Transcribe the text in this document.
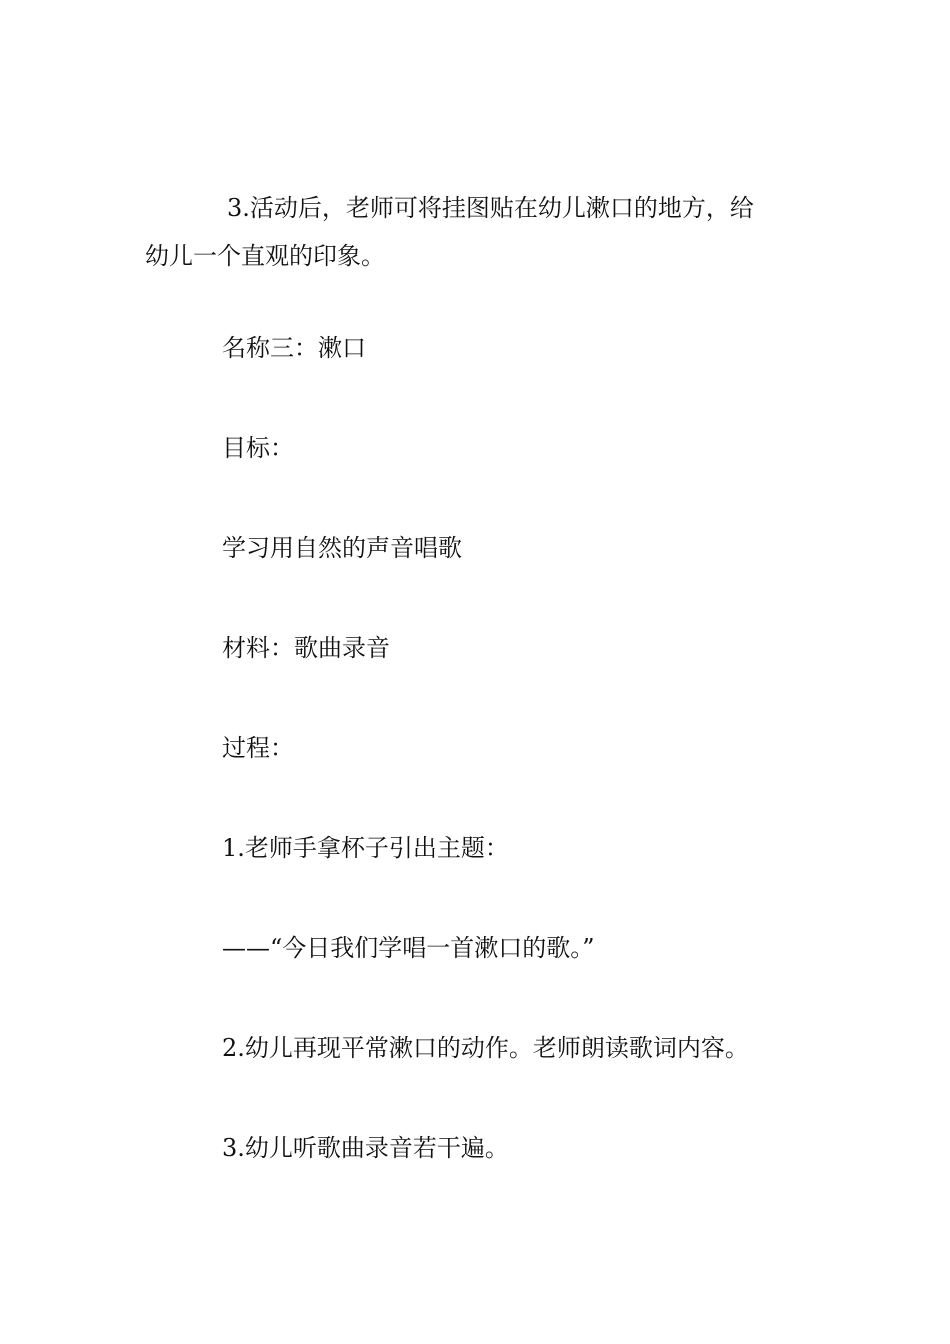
3.活动后，老师可将挂图贴在幼儿漱口的地方，给
幼儿一个直观的印象。

名称三：漱口

目标：

学习用自然的声音唱歌

材料：歌曲录音

过程：

1.老师手拿杯子引出主题：

——“今日我们学唱一首漱口的歌。”

2.幼儿再现平常漱口的动作。老师朗读歌词内容。

3.幼儿听歌曲录音若干遍。
